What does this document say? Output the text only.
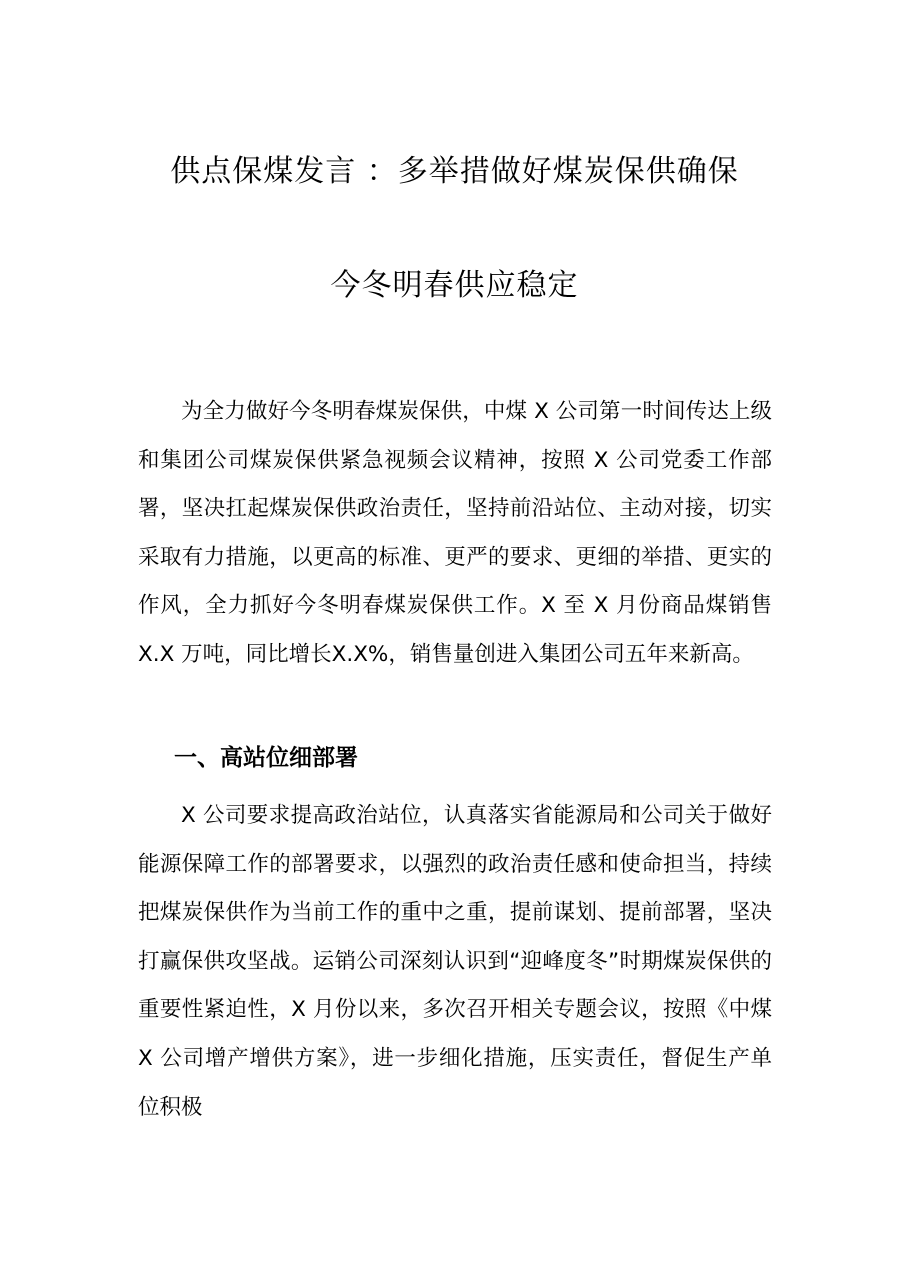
供点保煤发言 ：多举措做好煤炭保供确保
今冬明春供应稳定

为全力做好今冬明春煤炭保供，中煤 X 公司第一时间传达上级和集团公司煤炭保供紧急视频会议精神，按照 X 公司党委工作部署，坚决扛起煤炭保供政治责任，坚持前沿站位、主动对接，切实采取有力措施，以更高的标准、更严的要求、更细的举措、更实的作风，全力抓好今冬明春煤炭保供工作。X 至 X 月份商品煤销售 X.X 万吨，同比增长X.X%，销售量创进入集团公司五年来新高。

一、高站位细部署

X 公司要求提高政治站位，认真落实省能源局和公司关于做好能源保障工作的部署要求，以强烈的政治责任感和使命担当，持续把煤炭保供作为当前工作的重中之重，提前谋划、提前部署，坚决打赢保供攻坚战。运销公司深刻认识到“迎峰度冬”时期煤炭保供的重要性紧迫性，X 月份以来，多次召开相关专题会议，按照《中煤 X 公司增产增供方案》，进一步细化措施，压实责任，督促生产单位积极
